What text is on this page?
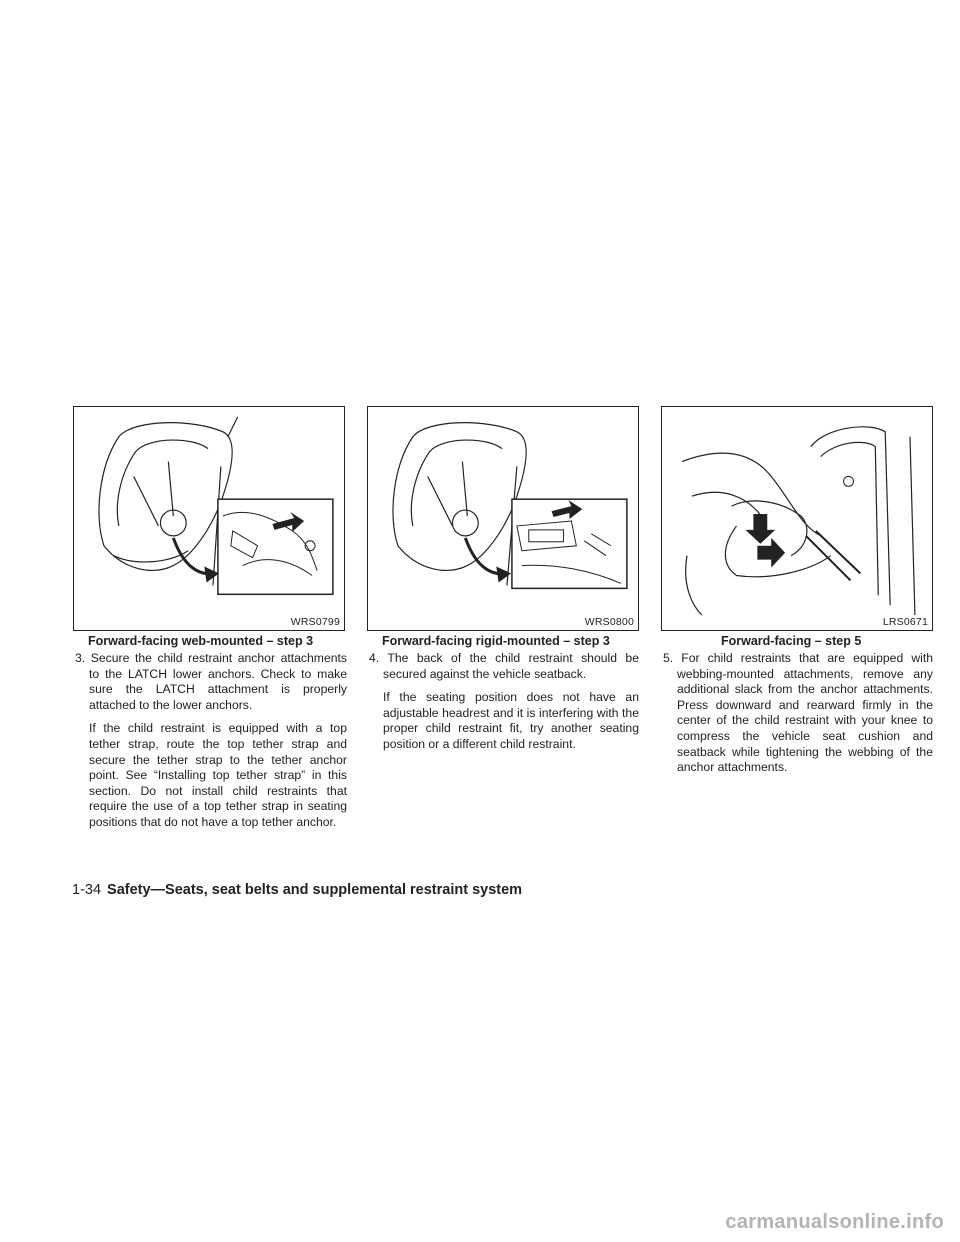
WRS0799
Forward-facing web-mounted – step 3
WRS0800
Forward-facing rigid-mounted – step 3
LRS0671
Forward-facing – step 5

3. Secure the child restraint anchor attachments to the LATCH lower anchors. Check to make sure the LATCH attachment is properly attached to the lower anchors.

If the child restraint is equipped with a top tether strap, route the top tether strap and secure the tether strap to the tether anchor point. See “Installing top tether strap” in this section. Do not install child restraints that require the use of a top tether strap in seating positions that do not have a top tether anchor.

4. The back of the child restraint should be secured against the vehicle seatback.

If the seating position does not have an adjustable headrest and it is interfering with the proper child restraint fit, try another seating position or a different child restraint.

5. For child restraints that are equipped with webbing-mounted attachments, remove any additional slack from the anchor attachments. Press downward and rearward firmly in the center of the child restraint with your knee to compress the vehicle seat cushion and seatback while tightening the webbing of the anchor attachments.

1-34 Safety—Seats, seat belts and supplemental restraint system
carmanualsonline.info
